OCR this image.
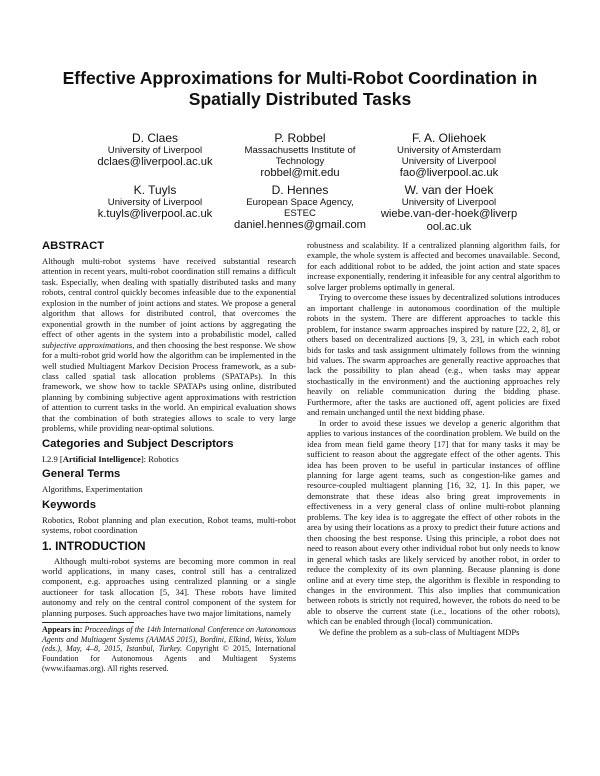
Effective Approximations for Multi-Robot Coordination in Spatially Distributed Tasks
D. Claes
University of Liverpool
dclaes@liverpool.ac.uk
P. Robbel
Massachusetts Institute of Technology
robbel@mit.edu
F. A. Oliehoek
University of Amsterdam University of Liverpool
fao@liverpool.ac.uk
K. Tuyls
University of Liverpool
k.tuyls@liverpool.ac.uk
D. Hennes
European Space Agency, ESTEC
daniel.hennes@gmail.com
W. van der Hoek
University of Liverpool
wiebe.van-der-hoek@liverpool.ac.uk
ABSTRACT

Although multi-robot systems have received substantial research attention in recent years, multi-robot coordination still remains a difficult task. Especially, when dealing with spatially distributed tasks and many robots, central control quickly becomes infeasible due to the exponential explosion in the number of joint actions and states. We propose a general algorithm that allows for distributed control, that overcomes the exponential growth in the number of joint actions by aggregating the effect of other agents in the system into a probabilistic model, called subjective approximations, and then choosing the best response. We show for a multi-robot grid world how the algorithm can be implemented in the well studied Multiagent Markov Decision Process framework, as a sub-class called spatial task allocation problems (SPATAPs). In this framework, we show how to tackle SPATAPs using online, distributed planning by combining subjective agent approximations with restriction of attention to current tasks in the world. An empirical evaluation shows that the combination of both strategies allows to scale to very large problems, while providing near-optimal solutions.

Categories and Subject Descriptors

I.2.9 [Artificial Intelligence]: Robotics

General Terms

Algorithms, Experimentation

Keywords

Robotics, Robot planning and plan execution, Robot teams, multi-robot systems, robot coordination

1. INTRODUCTION

Although multi-robot systems are becoming more common in real world applications, in many cases, control still has a centralized component, e.g. approaches using centralized planning or a single auctioneer for task allocation [5, 34]. These robots have limited autonomy and rely on the central control component of the system for planning purposes. Such approaches have two major limitations, namely

Appears in: Proceedings of the 14th International Conference on Autonomous Agents and Multiagent Systems (AAMAS 2015), Bordini, Elkind, Weiss, Yolum (eds.), May, 4–8, 2015, Istanbul, Turkey. Copyright © 2015, International Foundation for Autonomous Agents and Multiagent Systems (www.ifaamas.org). All rights reserved.

robustness and scalability. If a centralized planning algorithm fails, for example, the whole system is affected and becomes unavailable. Second, for each additional robot to be added, the joint action and state spaces increase exponentially, rendering it infeasible for any central algorithm to solve larger problems optimally in general.

Trying to overcome these issues by decentralized solutions introduces an important challenge in autonomous coordination of the multiple robots in the system. There are different approaches to tackle this problem, for instance swarm approaches inspired by nature [22, 2, 8], or others based on decentralized auctions [9, 3, 23], in which each robot bids for tasks and task assignment ultimately follows from the winning bid values. The swarm approaches are generally reactive approaches that lack the possibility to plan ahead (e.g., when tasks may appear stochastically in the environment) and the auctioning approaches rely heavily on reliable communication during the bidding phase. Furthermore, after the tasks are auctioned off, agent policies are fixed and remain unchanged until the next bidding phase.

In order to avoid these issues we develop a generic algorithm that applies to various instances of the coordination problem. We build on the idea from mean field game theory [17] that for many tasks it may be sufficient to reason about the aggregate effect of the other agents. This idea has been proven to be useful in particular instances of offline planning for large agent teams, such as congestion-like games and resource-coupled multiagent planning [16, 32, 1]. In this paper, we demonstrate that these ideas also bring great improvements in effectiveness in a very general class of online multi-robot planning problems. The key idea is to aggregate the effect of other robots in the area by using their locations as a proxy to predict their future actions and then choosing the best response. Using this principle, a robot does not need to reason about every other individual robot but only needs to know in general which tasks are likely serviced by another robot, in order to reduce the complexity of its own planning. Because planning is done online and at every time step, the algorithm is flexible in responding to changes in the environment. This also implies that communication between robots is strictly not required, however, the robots do need to be able to observe the current state (i.e., locations of the other robots), which can be enabled through (local) communication.

We define the problem as a sub-class of Multiagent MDPs
